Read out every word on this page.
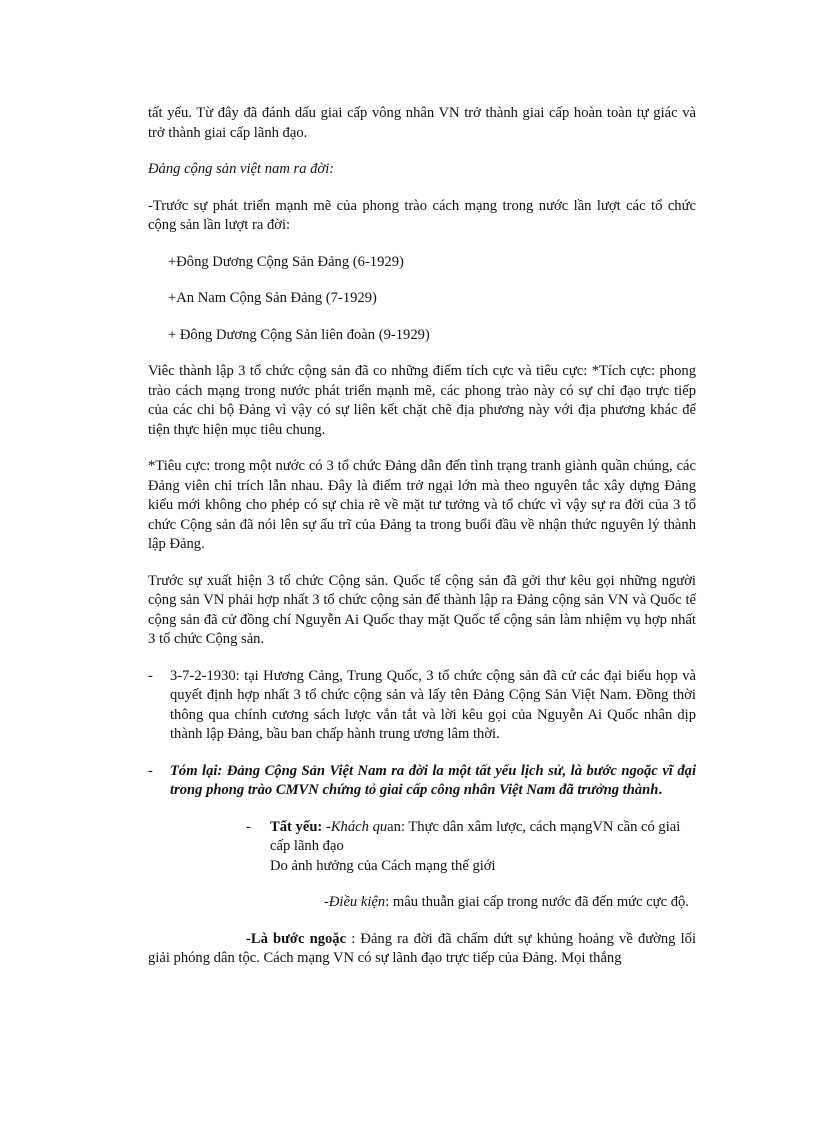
tất yếu. Từ đây đã đánh dấu giai cấp vông nhân VN trở thành giai cấp hoàn toàn tự giác và trở thành giai cấp lãnh đạo.

Đảng cộng sản việt nam ra đời:

-Trước sự phát triển mạnh mẽ của phong trào cách mạng trong nước lần lượt các tổ chức cộng sản lần lượt ra đời:

+Đông Dương Cộng Sản Đảng (6-1929)

+An Nam Cộng Sản Đảng (7-1929)

+ Đông Dương Cộng Sản liên đoàn (9-1929)

Viêc thành lập 3 tổ chức cộng sản đã co những điểm tích cực và tiêu cực: *Tích cực: phong trào cách mạng trong nước phát triển mạnh mẽ, các phong trào này có sự chỉ đạo trực tiếp của các chi bộ Đảng vì vậy có sự liên kết chặt chẽ địa phương này với địa phương khác để tiện thực hiện mục tiêu chung.

*Tiêu cực: trong một nước có 3 tổ chức Đảng dẫn đến tình trạng tranh giành quần chúng, các Đảng viên chỉ trích lẫn nhau. Đây là điểm trở ngại lớn mà theo nguyên tắc xây dựng Đảng kiểu mới không cho phép có sự chia rẽ về mặt tư tưởng và tổ chức vì vậy sự ra đời của 3 tổ chức Cộng sản đã nói lên sự ấu trĩ của Đảng ta trong buổi đầu về nhận thức nguyên lý thành lập Đảng.

Trước sự xuất hiện 3 tổ chức Cộng sản. Quốc tế cộng sản đã gởi thư kêu gọi những người cộng sản VN phải hợp nhất 3 tổ chức cộng sản để thành lập ra Đảng cộng sản VN và Quốc tế cộng sản đã cử đồng chí Nguyễn Ai Quốc thay mặt Quốc tế cộng sản làm nhiệm vụ hợp nhất 3 tổ chức Cộng sản.

-	3-7-2-1930: tại Hương Cảng, Trung Quốc, 3 tổ chức cộng sản đã cử các đại biểu họp và quyết định hợp nhất 3 tổ chức cộng sản và lấy tên Đảng Cộng Sản Việt Nam. Đồng thời thông qua chính cương sách lược vắn tắt và lời kêu gọi của Nguyễn Ai Quốc nhân dịp thành lập Đảng, bầu ban chấp hành trung ương lâm thời.
-	Tóm lại: Đảng Cộng Sản Việt Nam ra đời la một tất yếu lịch sử, là bước ngoặc vĩ đại trong phong trào CMVN chứng tỏ giai cấp công nhân Việt Nam đã trưởng thành.
-	Tất yếu: -Khách quan: Thực dân xâm lược, cách mạngVN cần có giai cấp lãnh đạo
Do ảnh hưởng của Cách mạng thế giới

-Điều kiện: mâu thuẫn giai cấp trong nước đã đến mức cực độ.

-Là bước ngoặc : Đảng ra đời đã chấm dứt sự khủng hoảng về đường lối giải phóng dân tộc. Cách mạng VN có sự lãnh đạo trực tiếp của Đảng. Mọi thắng
